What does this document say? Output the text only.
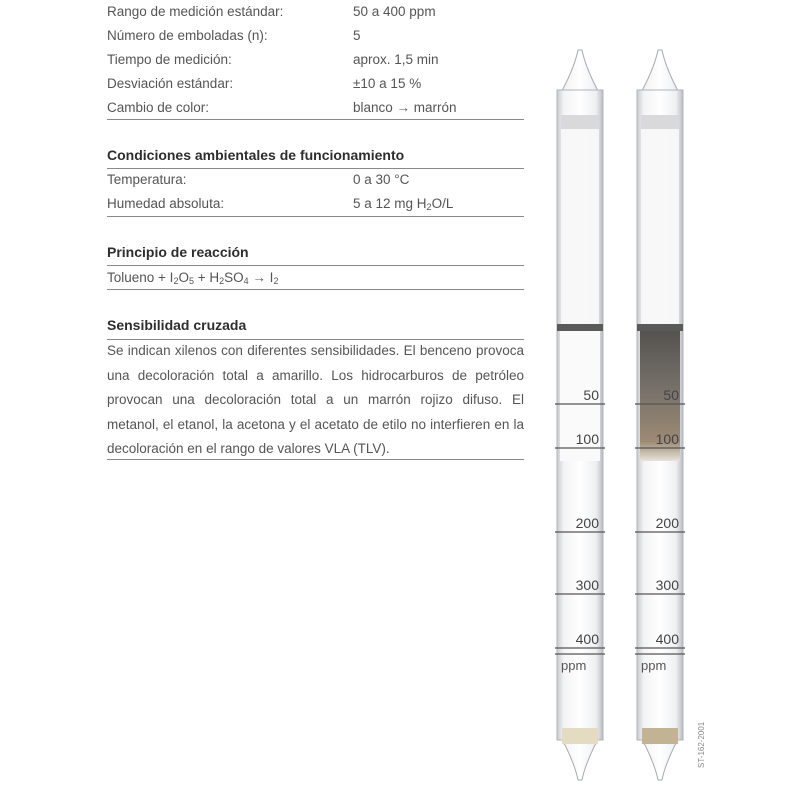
Rango de medición estándar:	50 a 400 ppm
Número de emboladas (n):	5
Tiempo de medición:	aprox. 1,5 min
Desviación estándar:	±10 a 15 %
Cambio de color:	blanco → marrón
Condiciones ambientales de funcionamiento
Temperatura:	0 a 30 °C
Humedad absoluta:	5 a 12 mg $H_2O/L$
Principio de reacción
Tolueno + $I_2O_5 + H_2SO_4 \to I_2$
Sensibilidad cruzada
Se indican xilenos con diferentes sensibilidades. El benceno provoca una decoloración total a amarillo. Los hidrocarburos de petróleo provocan una decoloración total a un marrón rojizo difuso. El metanol, el etanol, la acetona y el acetato de etilo no interfieren en la decoloración en el rango de valores VLA (TLV).
50
100
200
300
400
ppm
50
100
200
300
400
ppm
ST-162-2001
